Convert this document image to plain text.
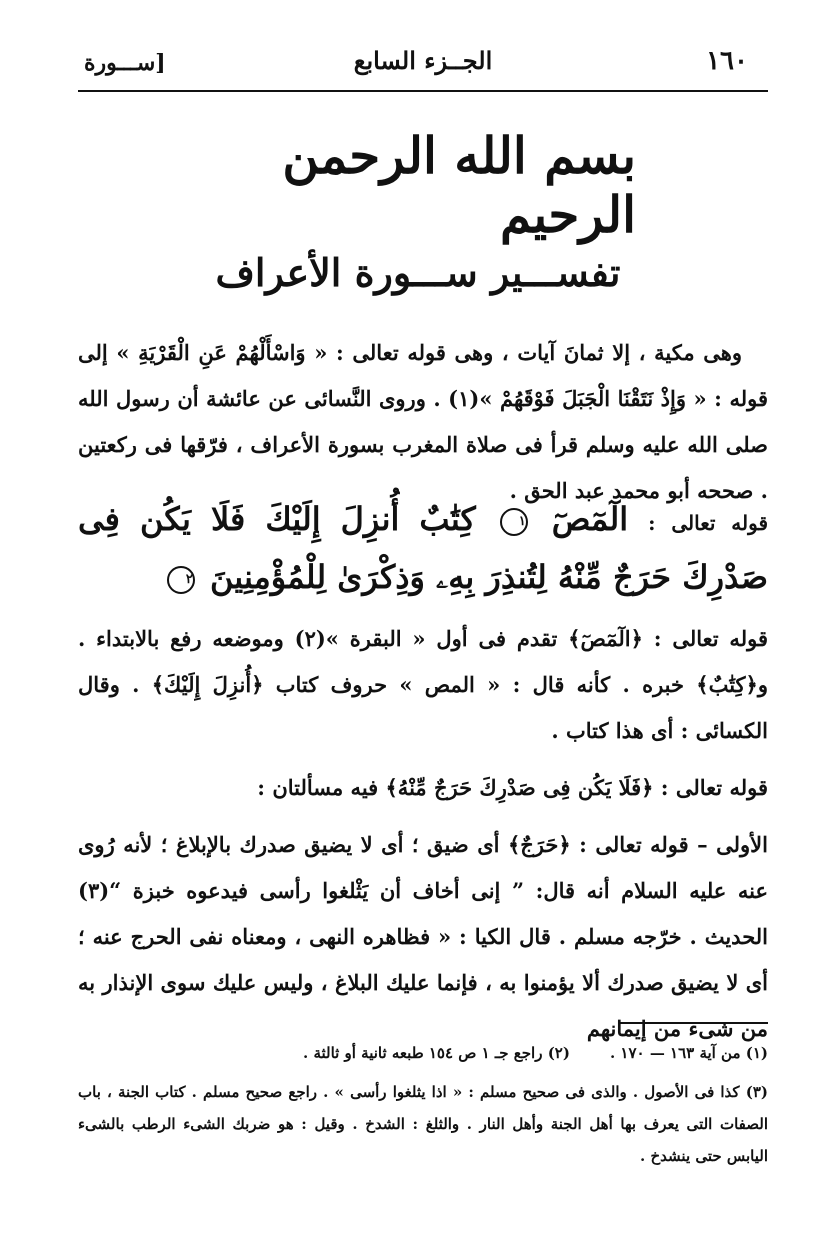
١٦٠
الجــزء السابع
[ســـورة
بسم الله الرحمن الرحيم
تفســـير ســـورة الأعراف
وهى مكية ، إلا ثمانَ آيات ، وهى قوله تعالى : « وَاسْأَلْهُمْ عَنِ الْقَرْيَةِ » إلى قوله : « وَإِذْ نَتَقْنَا الْجَبَلَ فَوْقَهُمْ »(١) . وروى النَّسائى عن عائشة أن رسول الله صلى الله عليه وسلم قرأ فى صلاة المغرب بسورة الأعراف ، فرّقها فى ركعتين . صححه أبو محمد عبد الحق .
قوله تعالى : الٓمٓصٓ ١ كِتَٰبٌ أُنزِلَ إِلَيْكَ فَلَا يَكُن فِى صَدْرِكَ حَرَجٌ مِّنْهُ لِتُنذِرَ بِهِۦ وَذِكْرَىٰ لِلْمُؤْمِنِينَ ٢
قوله تعالى : ﴿الٓمٓصٓ﴾ تقدم فى أول « البقرة »(٢) وموضعه رفع بالابتداء . و﴿كِتَٰبٌ﴾ خبره . كأنه قال : « المص » حروف كتاب ﴿أُنزِلَ إِلَيْكَ﴾ . وقال الكسائى : أى هذا كتاب .
قوله تعالى : ﴿فَلَا يَكُن فِى صَدْرِكَ حَرَجٌ مِّنْهُ﴾ فيه مسألتان :
الأولى – قوله تعالى : ﴿حَرَجٌ﴾ أى ضيق ؛ أى لا يضيق صدرك بالإبلاغ ؛ لأنه رُوى عنه عليه السلام أنه قال: ” إنى أخاف أن يَثْلغوا رأسى فيدعوه خبزة “(٣) الحديث . خرّجه مسلم . قال الكيا : « فظاهره النهى ، ومعناه نفى الحرج عنه ؛ أى لا يضيق صدرك ألا يؤمنوا به ، فإنما عليك البلاغ ، وليس عليك سوى الإنذار به من شىء من إيمانهم
(١) من آية ١٦٣ — ١٧٠ .(٢) راجع جـ ١ ص ١٥٤ طبعه ثانية أو ثالثة .
(٣) كذا فى الأصول . والذى فى صحيح مسلم : « اذا يثلغوا رأسى » . راجع صحيح مسلم . كتاب الجنة ، باب الصفات التى يعرف بها أهل الجنة وأهل النار . والثلغ : الشدخ . وقيل : هو ضربك الشىء الرطب بالشىء اليابس حتى ينشدخ .
